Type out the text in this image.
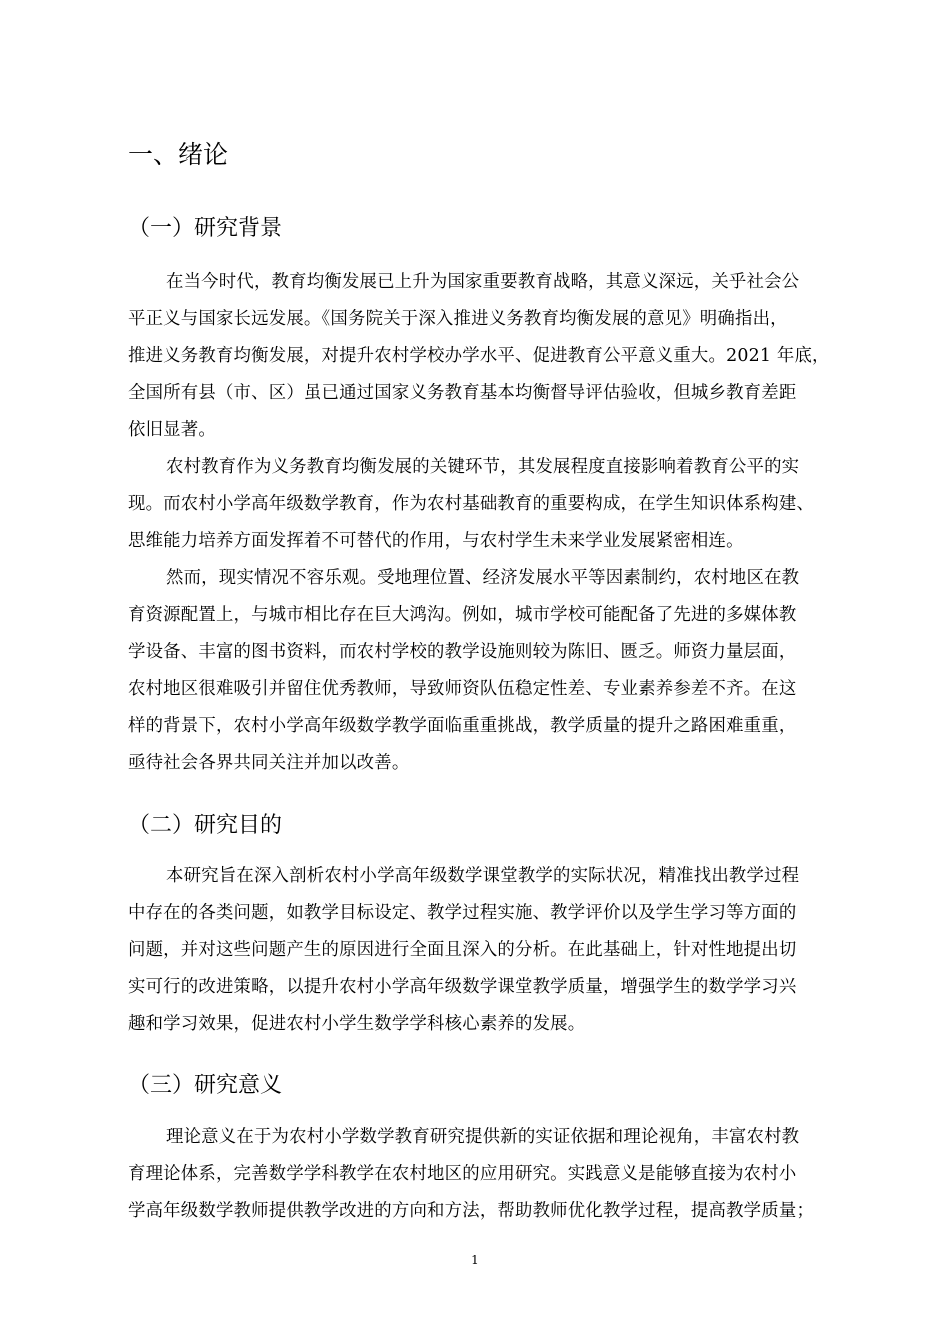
一、绪论
（一）研究背景
在当今时代，教育均衡发展已上升为国家重要教育战略，其意义深远，关乎社会公
平正义与国家长远发展。《国务院关于深入推进义务教育均衡发展的意见》明确指出，
推进义务教育均衡发展，对提升农村学校办学水平、促进教育公平意义重大。2021 年底，
全国所有县（市、区）虽已通过国家义务教育基本均衡督导评估验收，但城乡教育差距
依旧显著。
农村教育作为义务教育均衡发展的关键环节，其发展程度直接影响着教育公平的实
现。而农村小学高年级数学教育，作为农村基础教育的重要构成，在学生知识体系构建、
思维能力培养方面发挥着不可替代的作用，与农村学生未来学业发展紧密相连。
然而，现实情况不容乐观。受地理位置、经济发展水平等因素制约，农村地区在教
育资源配置上，与城市相比存在巨大鸿沟。例如，城市学校可能配备了先进的多媒体教
学设备、丰富的图书资料，而农村学校的教学设施则较为陈旧、匮乏。师资力量层面，
农村地区很难吸引并留住优秀教师，导致师资队伍稳定性差、专业素养参差不齐。在这
样的背景下，农村小学高年级数学教学面临重重挑战，教学质量的提升之路困难重重，
亟待社会各界共同关注并加以改善。
（二）研究目的
本研究旨在深入剖析农村小学高年级数学课堂教学的实际状况，精准找出教学过程
中存在的各类问题，如教学目标设定、教学过程实施、教学评价以及学生学习等方面的
问题，并对这些问题产生的原因进行全面且深入的分析。在此基础上，针对性地提出切
实可行的改进策略，以提升农村小学高年级数学课堂教学质量，增强学生的数学学习兴
趣和学习效果，促进农村小学生数学学科核心素养的发展。
（三）研究意义
理论意义在于为农村小学数学教育研究提供新的实证依据和理论视角，丰富农村教
育理论体系，完善数学学科教学在农村地区的应用研究。实践意义是能够直接为农村小
学高年级数学教师提供教学改进的方向和方法，帮助教师优化教学过程，提高教学质量；
1
